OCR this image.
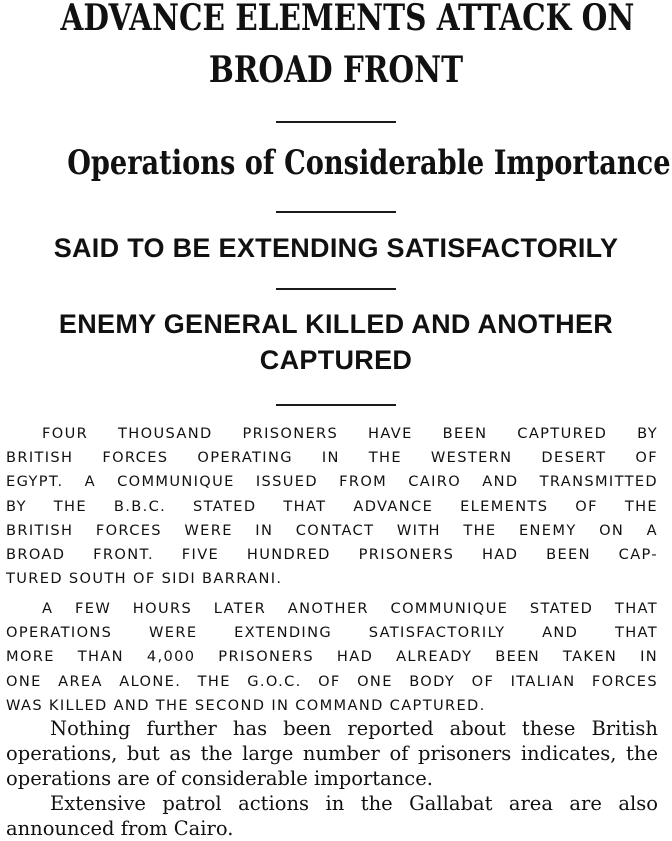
ADVANCE ELEMENTS ATTACK ON
BROAD FRONT
Operations of Considerable Importance
SAID TO BE EXTENDING SATISFACTORILY
ENEMY GENERAL KILLED AND ANOTHER
CAPTURED

FOUR THOUSAND PRISONERS HAVE BEEN CAPTURED BY
BRITISH FORCES OPERATING IN THE WESTERN DESERT OF
EGYPT. A COMMUNIQUE ISSUED FROM CAIRO AND TRANSMITTED
BY THE B.B.C. STATED THAT ADVANCE ELEMENTS OF THE
BRITISH FORCES WERE IN CONTACT WITH THE ENEMY ON A
BROAD FRONT. FIVE HUNDRED PRISONERS HAD BEEN CAP-
TURED SOUTH OF SIDI BARRANI.

A FEW HOURS LATER ANOTHER COMMUNIQUE STATED THAT
OPERATIONS WERE EXTENDING SATISFACTORILY AND THAT
MORE THAN 4,000 PRISONERS HAD ALREADY BEEN TAKEN IN
ONE AREA ALONE. THE G.O.C. OF ONE BODY OF ITALIAN FORCES
WAS KILLED AND THE SECOND IN COMMAND CAPTURED.

Nothing further has been reported about these British
operations, but as the large number of prisoners indicates, the
operations are of considerable importance.

Extensive patrol actions in the Gallabat area are also
announced from Cairo.
